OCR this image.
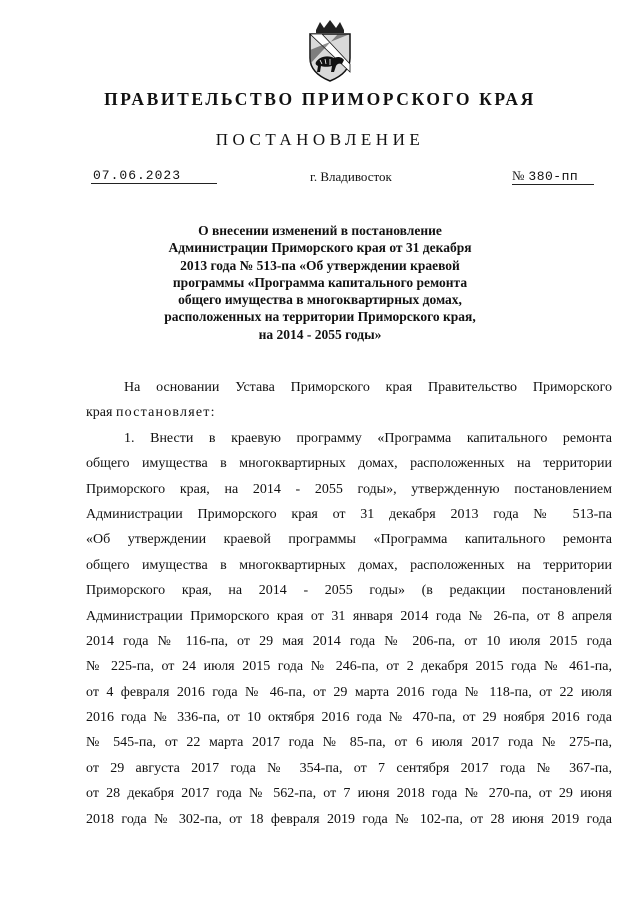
ПРАВИТЕЛЬСТВО ПРИМОРСКОГО КРАЯ
ПОСТАНОВЛЕНИЕ
07.06.2023	г. Владивосток	№ 380-пп
О внесении изменений в постановление
Администрации Приморского края от 31 декабря
2013 года № 513-па «Об утверждении краевой
программы «Программа капитального ремонта
общего имущества в многоквартирных домах,
расположенных на территории Приморского края,
на 2014 - 2055 годы»
На основании Устава Приморского края Правительство Приморского
края постановляет:
1. Внести в краевую программу «Программа капитального ремонта
общего имущества в многоквартирных домах, расположенных на территории
Приморского края, на 2014 - 2055 годы», утвержденную постановлением
Администрации Приморского края от 31 декабря 2013 года № 513-па
«Об утверждении краевой программы «Программа капитального ремонта
общего имущества в многоквартирных домах, расположенных на территории
Приморского края, на 2014 - 2055 годы» (в редакции постановлений
Администрации Приморского края от 31 января 2014 года № 26-па, от 8 апреля
2014 года № 116-па, от 29 мая 2014 года № 206-па, от 10 июля 2015 года
№ 225-па, от 24 июля 2015 года № 246-па, от 2 декабря 2015 года № 461-па,
от 4 февраля 2016 года № 46-па, от 29 марта 2016 года № 118-па, от 22 июля
2016 года № 336-па, от 10 октября 2016 года № 470-па, от 29 ноября 2016 года
№ 545-па, от 22 марта 2017 года № 85-па, от 6 июля 2017 года № 275-па,
от 29 августа 2017 года № 354-па, от 7 сентября 2017 года № 367-па,
от 28 декабря 2017 года № 562-па, от 7 июня 2018 года № 270-па, от 29 июня
2018 года № 302-па, от 18 февраля 2019 года № 102-па, от 28 июня 2019 года
